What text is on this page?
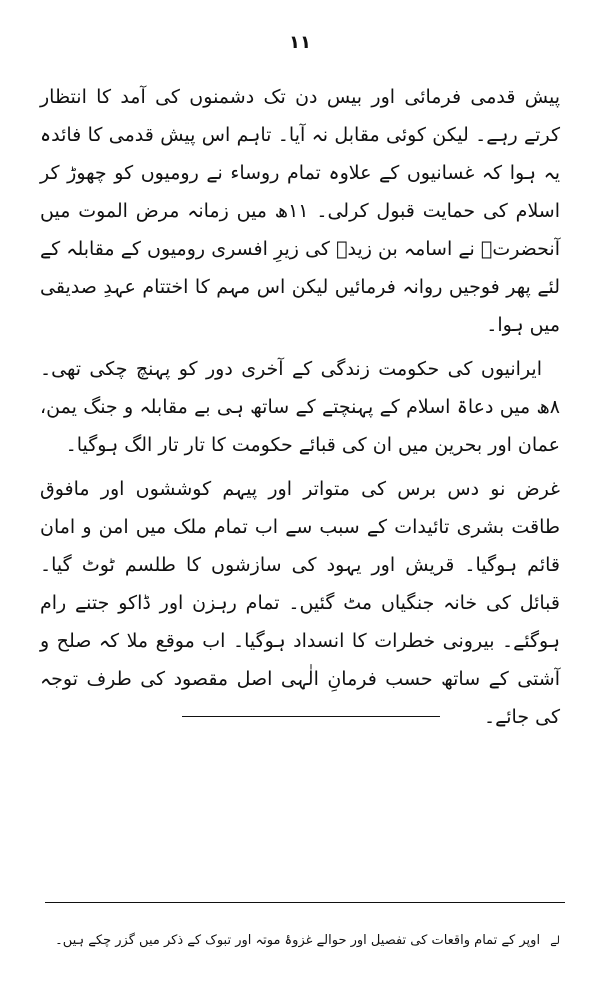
۱۱

پیش قدمی فرمائی اور بیس دن تک دشمنوں کی آمد کا انتظار کرتے رہے۔ لیکن کوئی مقابل نہ آیا۔ تاہم اس پیش قدمی کا فائدہ یہ ہوا کہ غسانیوں کے علاوہ تمام روساء نے رومیوں کو چھوڑ کر اسلام کی حمایت قبول کرلی۔ ۱۱ھ میں زمانہ مرض الموت میں آنحضرتؐ نے اسامہ بن زیدؓ کی زیرِ افسری رومیوں کے مقابلہ کے لئے پھر فوجیں روانہ فرمائیں لیکن اس مہم کا اختتام عہدِ صدیقی میں ہوا۔

ایرانیوں کی حکومت زندگی کے آخری دور کو پہنچ چکی تھی۔ ۸ھ میں دعاۃ اسلام کے پہنچتے کے ساتھ ہی بے مقابلہ و جنگ یمن، عمان اور بحرین میں ان کی قبائے حکومت کا تار تار الگ ہوگیا۔

غرض نو دس برس کی متواتر اور پیہم کوششوں اور مافوق طاقت بشری تائیدات کے سبب سے اب تمام ملک میں امن و امان قائم ہوگیا۔ قریش اور یہود کی سازشوں کا طلسم ٹوٹ گیا۔ قبائل کی خانہ جنگیاں مٹ گئیں۔ تمام رہزن اور ڈاکو جتنے رام ہوگئے۔ بیرونی خطرات کا انسداد ہوگیا۔ اب موقع ملا کہ صلح و آشتی کے ساتھ حسب فرمانِ الٰہی اصل مقصود کی طرف توجہ کی جائے۔

لے اوپر کے تمام واقعات کی تفصیل اور حوالے غزوۂ موتہ اور تبوک کے ذکر میں گزر چکے ہیں۔
